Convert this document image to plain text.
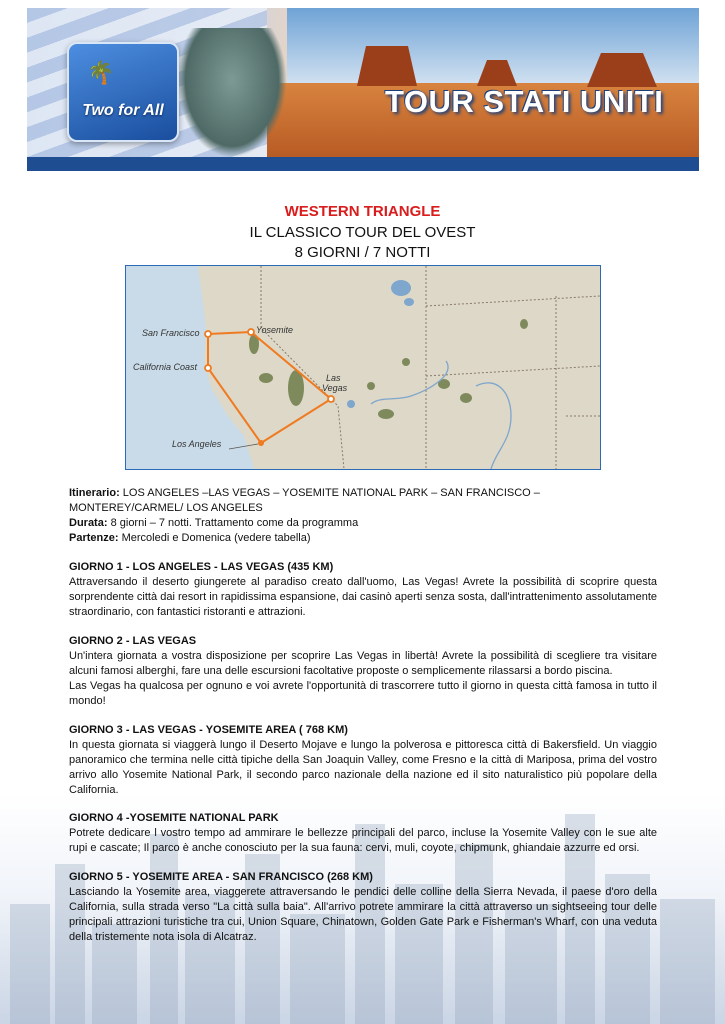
🌴
Two for All	TOUR STATI UNITI
WESTERN TRIANGLE
IL CLASSICO TOUR DEL OVEST
8 GIORNI / 7 NOTTI
San Francisco	Yosemite
California Coast
Las
Vegas
Los Angeles
Itinerario: LOS ANGELES –LAS VEGAS – YOSEMITE NATIONAL PARK – SAN FRANCISCO – MONTEREY/CARMEL/ LOS ANGELES
Durata: 8 giorni – 7 notti. Trattamento come da programma
Partenze: Mercoledi e Domenica (vedere tabella)
GIORNO 1 - LOS ANGELES - LAS VEGAS (435 KM)
Attraversando il deserto giungerete al paradiso creato dall'uomo, Las Vegas! Avrete la possibilità di scoprire questa sorprendente città dai resort in rapidissima espansione, dai casinò aperti senza sosta, dall'intrattenimento assolutamente straordinario, con fantastici ristoranti e attrazioni.
GIORNO 2 - LAS VEGAS
Un'intera giornata a vostra disposizione per scoprire Las Vegas in libertà! Avrete la possibilità di scegliere tra visitare alcuni famosi alberghi, fare una delle escursioni facoltative proposte o semplicemente rilassarsi a bordo piscina.
Las Vegas ha qualcosa per ognuno e voi avrete l'opportunità di trascorrere tutto il giorno in questa città famosa in tutto il mondo!
GIORNO 3 - LAS VEGAS - YOSEMITE AREA ( 768 KM)
In questa giornata si viaggerà lungo il Deserto Mojave e lungo la polverosa e pittoresca città di Bakersfield. Un viaggio panoramico che termina nelle città tipiche della San Joaquin Valley, come Fresno e la città di Mariposa, prima del vostro arrivo allo Yosemite National Park, il secondo parco nazionale della nazione ed il sito naturalistico più popolare della California.
GIORNO 4 -YOSEMITE NATIONAL PARK
Potrete dedicare l vostro tempo ad ammirare le bellezze principali del parco, incluse la Yosemite Valley con le sue alte rupi e cascate; Il parco è anche conosciuto per la sua fauna: cervi, muli, coyote, chipmunk, ghiandaie azzurre ed orsi.
GIORNO 5 - YOSEMITE AREA - SAN FRANCISCO (268 KM)
Lasciando la Yosemite area, viaggerete attraversando le pendici delle colline della Sierra Nevada, il paese d'oro della California, sulla strada verso "La città sulla baia". All'arrivo potrete ammirare la città attraverso un sightseeing tour delle principali attrazioni turistiche tra cui, Union Square, Chinatown, Golden Gate Park e Fisherman's Wharf, con una veduta della tristemente nota isola di Alcatraz.
